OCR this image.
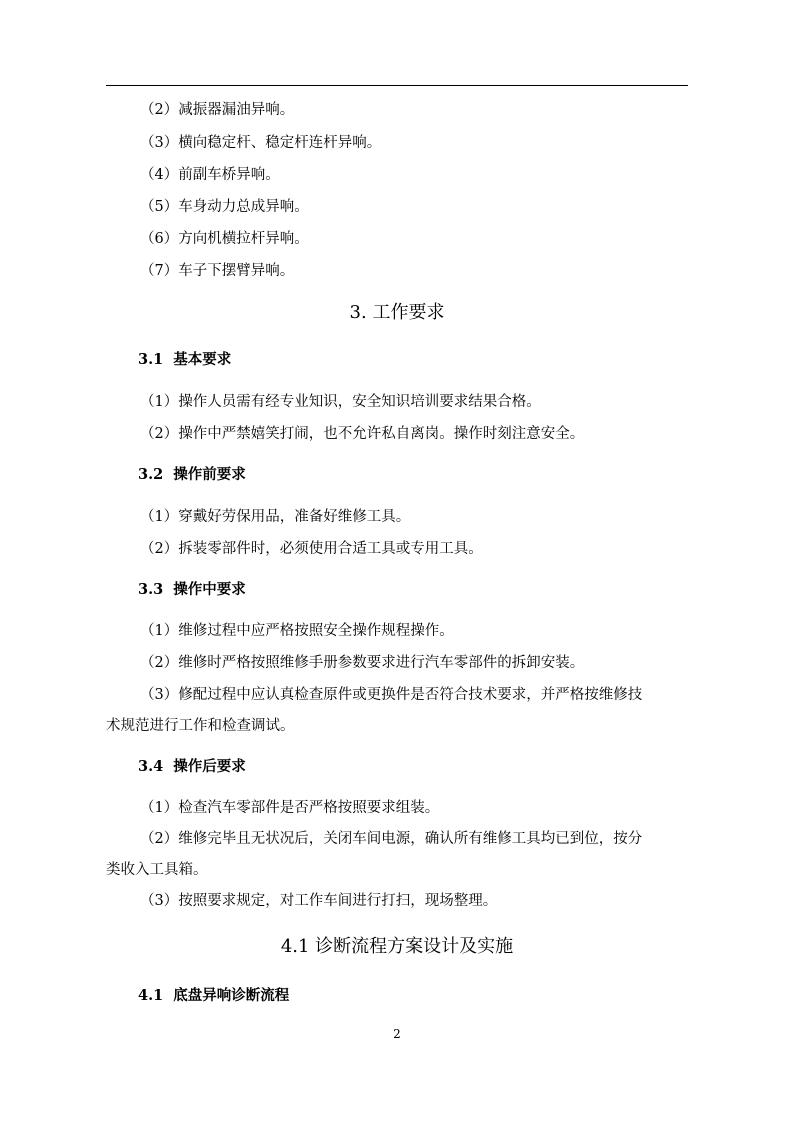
（2）减振器漏油异响。
（3）横向稳定杆、稳定杆连杆异响。
（4）前副车桥异响。
（5）车身动力总成异响。
（6）方向机横拉杆异响。
（7）车子下摆臂异响。
3. 工作要求
3.1 基本要求
（1）操作人员需有经专业知识，安全知识培训要求结果合格。
（2）操作中严禁嬉笑打闹，也不允许私自离岗。操作时刻注意安全。
3.2 操作前要求
（1）穿戴好劳保用品，准备好维修工具。
（2）拆装零部件时，必须使用合适工具或专用工具。
3.3 操作中要求
（1）维修过程中应严格按照安全操作规程操作。
（2）维修时严格按照维修手册参数要求进行汽车零部件的拆卸安装。
（3）修配过程中应认真检查原件或更换件是否符合技术要求，并严格按维修技
术规范进行工作和检查调试。
3.4 操作后要求
（1）检查汽车零部件是否严格按照要求组装。
（2）维修完毕且无状况后，关闭车间电源，确认所有维修工具均已到位，按分
类收入工具箱。
（3）按照要求规定，对工作车间进行打扫，现场整理。
4.1 诊断流程方案设计及实施
4.1 底盘异响诊断流程
2
